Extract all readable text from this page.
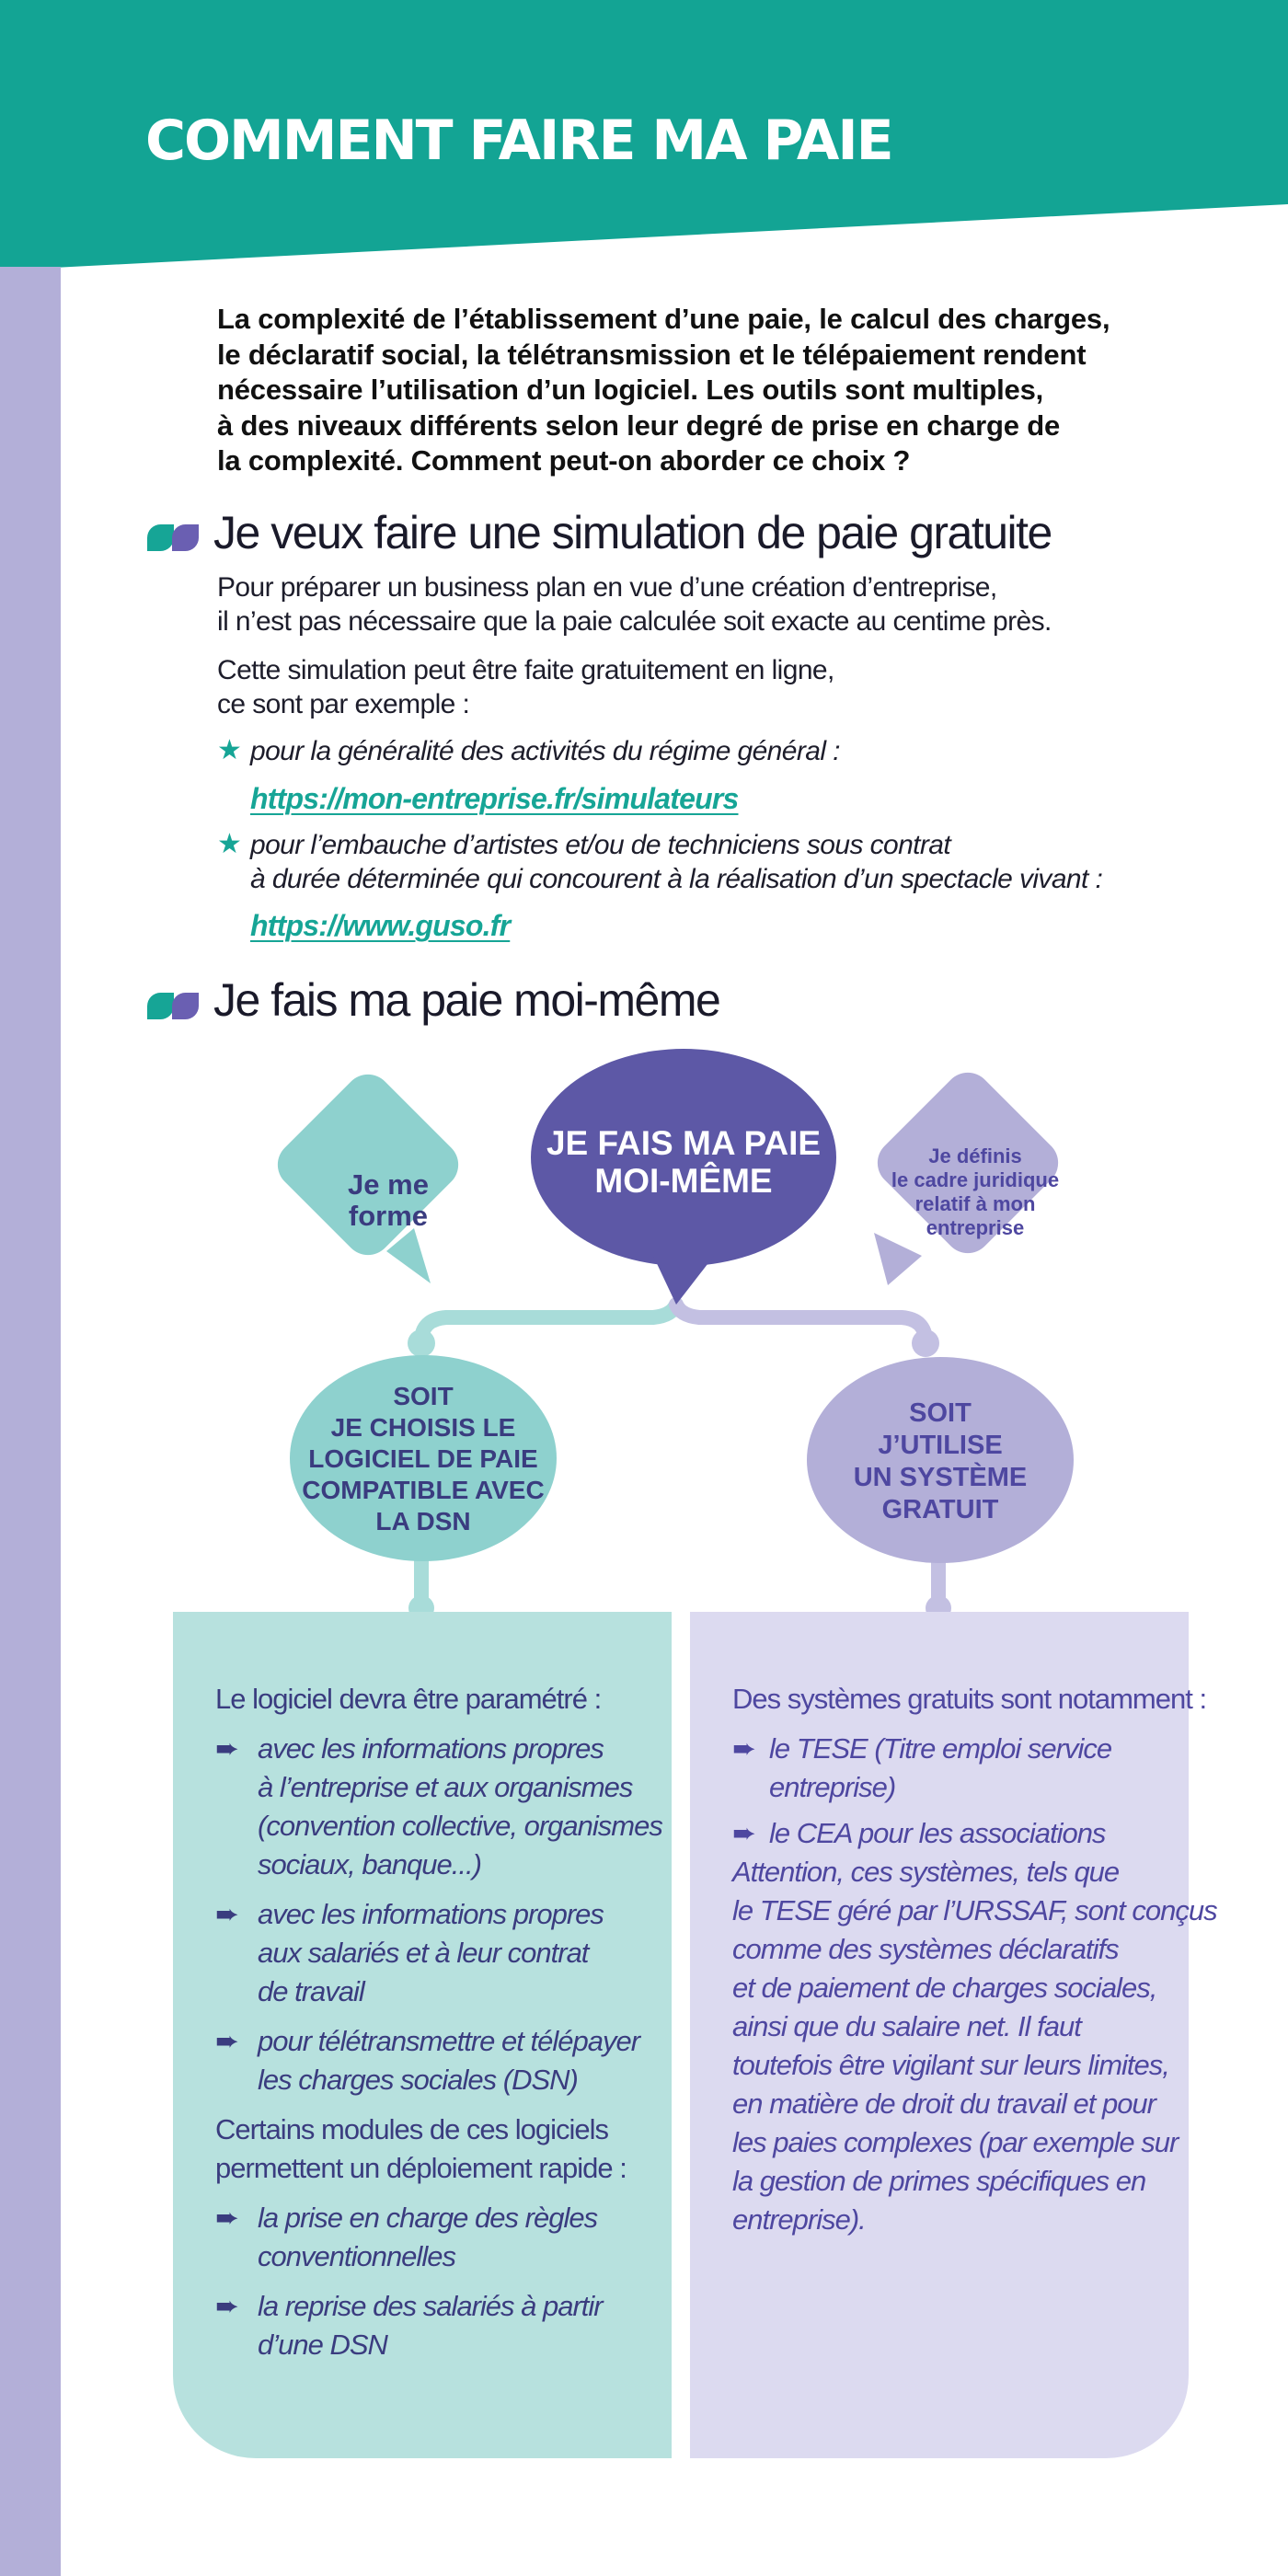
COMMENT FAIRE MA PAIE

La complexité de l’établissement d’une paie, le calcul des charges,

le déclaratif social, la télétransmission et le télépaiement rendent

nécessaire l’utilisation d’un logiciel. Les outils sont multiples,

à des niveaux différents selon leur degré de prise en charge de

la complexité. Comment peut-on aborder ce choix ?

Je veux faire une simulation de paie gratuite
Pour préparer un business plan en vue d’une création d’entreprise,
il n’est pas nécessaire que la paie calculée soit exacte au centime près.
Cette simulation peut être faite gratuitement en ligne,
ce sont par exemple :
★ pour la généralité des activités du régime général :
https://mon-entreprise.fr/simulateurs
★ pour l’embauche d’artistes et/ou de techniciens sous contrat
à durée déterminée qui concourent à la réalisation d’un spectacle vivant :
https://www.guso.fr
Je fais ma paie moi-même
Je me
forme
Je définis
le cadre juridique
relatif à mon
entreprise
JE FAIS MA PAIE
MOI-MÊME
SOIT
JE CHOISIS LE
LOGICIEL DE PAIE
COMPATIBLE AVEC
LA DSN
SOIT
J’UTILISE
UN SYSTÈME
GRATUIT
Le logiciel devra être paramétré :
➨ avec les informations propres
à l’entreprise et aux organismes
(convention collective, organismes
sociaux, banque...)
➨ avec les informations propres
aux salariés et à leur contrat
de travail
➨ pour télétransmettre et télépayer
les charges sociales (DSN)
Certains modules de ces logiciels
permettent un déploiement rapide :
➨ la prise en charge des règles
conventionnelles
➨ la reprise des salariés à partir
d’une DSN
Des systèmes gratuits sont notamment :
➨ le TESE (Titre emploi service
entreprise)
➨ le CEA pour les associations
Attention, ces systèmes, tels que
le TESE géré par l’URSSAF, sont conçus
comme des systèmes déclaratifs
et de paiement de charges sociales,
ainsi que du salaire net. Il faut
toutefois être vigilant sur leurs limites,
en matière de droit du travail et pour
les paies complexes (par exemple sur
la gestion de primes spécifiques en
entreprise).
